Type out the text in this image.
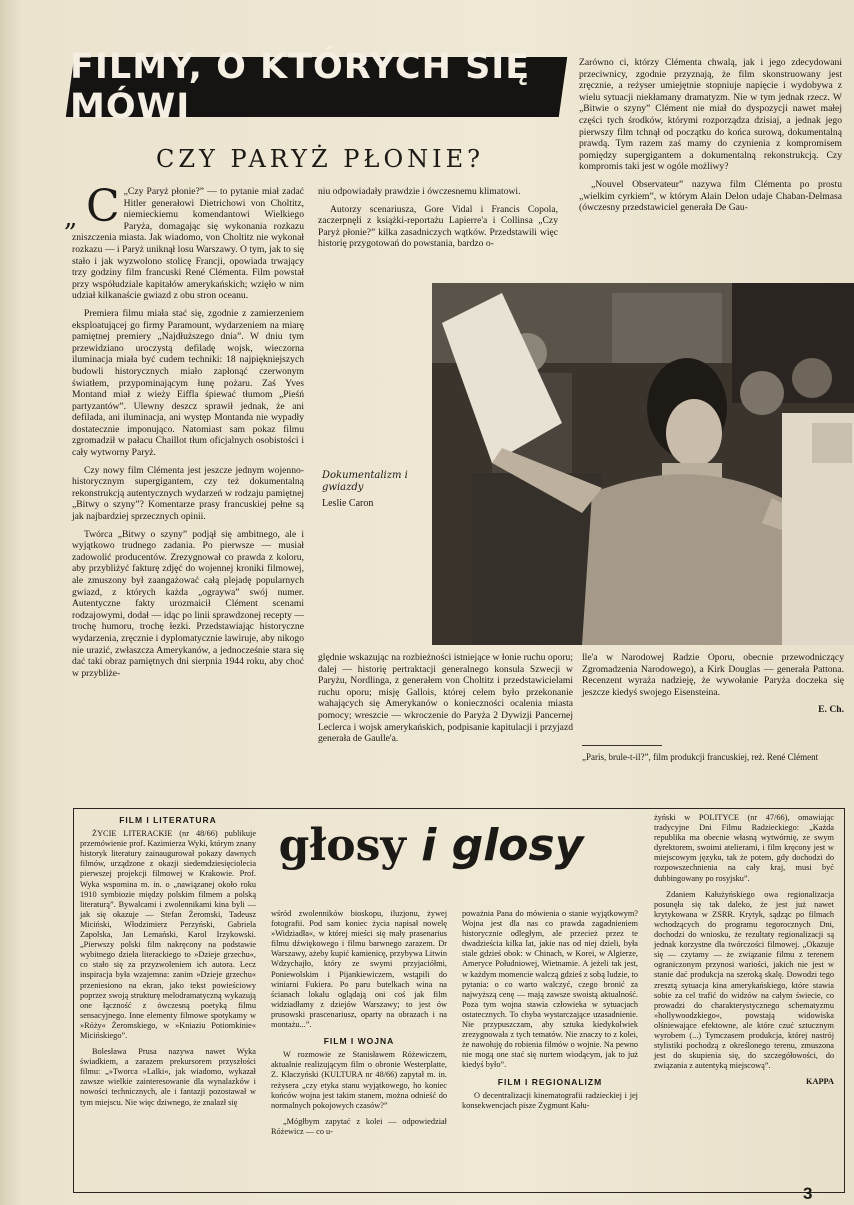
FILMY, O KTÓRYCH SIĘ MÓWI
CZY PARYŻ PŁONIE?
„ C „Czy Paryż płonie?” — to pytanie miał zadać Hitler generałowi Dietrichowi von Choltitz, niemieckiemu komendantowi Wielkiego Paryża, domagając się wykonania rozkazu zniszczenia miasta. Jak wiadomo, von Choltitz nie wykonał rozkazu — i Paryż uniknął losu Warszawy. O tym, jak to się stało i jak wyzwolono stolicę Francji, opowiada trwający trzy godziny film francuski René Clémenta. Film powstał przy współudziale kapitałów amerykańskich; wzięło w nim udział kilkanaście gwiazd z obu stron oceanu.

Premiera filmu miała stać się, zgodnie z zamierzeniem eksploatującej go firmy Paramount, wydarzeniem na miarę pamiętnej premiery „Najdłuższego dnia”. W dniu tym przewidziano uroczystą defiladę wojsk, wieczorna iluminacja miała być cudem techniki: 18 najpiękniejszych budowli historycznych miało zapłonąć czerwonym światłem, przypominającym łunę pożaru. Zaś Yves Montand miał z wieży Eiffla śpiewać tłumom „Pieśń partyzantów”. Ulewny deszcz sprawił jednak, że ani defilada, ani iluminacja, ani występ Montanda nie wypadły dostatecznie imponująco. Natomiast sam pokaz filmu zgromadził w pałacu Chaillot tłum oficjalnych osobistości i cały wytworny Paryż.

Czy nowy film Clémenta jest jeszcze jednym wojenno-historycznym supergigantem, czy też dokumentalną rekonstrukcją autentycznych wydarzeń w rodzaju pamiętnej „Bitwy o szyny”? Komentarze prasy francuskiej pełne są jak najbardziej sprzecznych opinii.

Twórca „Bitwy o szyny” podjął się ambitnego, ale i wyjątkowo trudnego zadania. Po pierwsze — musiał zadowolić producentów. Zrezygnował co prawda z koloru, aby przybliżyć fakturę zdjęć do wojennej kroniki filmowej, ale zmuszony był zaangażować całą plejadę popularnych gwiazd, z których każda „ograywa” swój numer. Autentyczne fakty urozmaicił Clément scenami rodzajowymi, dodał — idąc po linii sprawdzonej recepty — trochę humoru, trochę łezki. Przedstawiając historyczne wydarzenia, zręcznie i dyplomatycznie lawiruje, aby nikogo nie urazić, zwłaszcza Amerykanów, a jednocześnie stara się dać taki obraz pamiętnych dni sierpnia 1944 roku, aby choć w przybliże-

niu odpowiadały prawdzie i ówczesnemu klimatowi.

Autorzy scenariusza, Gore Vidal i Francis Copola, zaczerpnęli z książki-reportażu Lapierre'a i Collinsa „Czy Paryż płonie?” kilka zasadniczych wątków. Przedstawili więc historię przygotowań do powstania, bardzo o-

Zarówno ci, którzy Clémenta chwalą, jak i jego zdecydowani przeciwnicy, zgodnie przyznają, że film skonstruowany jest zręcznie, a reżyser umiejętnie stopniuje napięcie i wydobywa z wielu sytuacji niekłamany dramatyzm. Nie w tym jednak rzecz. W „Bitwie o szyny” Clément nie miał do dyspozycji nawet małej części tych środków, którymi rozporządza dzisiaj, a jednak jego pierwszy film tchnął od początku do końca surową, dokumentalną prawdą. Tym razem zaś mamy do czynienia z kompromisem pomiędzy supergigantem a dokumentalną rekonstrukcją. Czy kompromis taki jest w ogóle możliwy?

„Nouvel Observateur” nazywa film Clémenta po prostu „wielkim cyrkiem”, w którym Alain Delon udaje Chaban-Delmasa (ówczesny przedstawiciel generała De Gau-

Dokumentalizm i gwiazdy
Leslie Caron

ględnie wskazując na rozbieżności istniejące w łonie ruchu oporu; dalej — historię pertraktacji generalnego konsula Szwecji w Paryżu, Nordlinga, z generałem von Choltitz i przedstawicielami ruchu oporu; misję Gallois, której celem było przekonanie wahających się Amerykanów o konieczności ocalenia miasta pomocy; wreszcie — wkroczenie do Paryża 2 Dywizji Pancernej Leclerca i wojsk amerykańskich, podpisanie kapitulacji i przyjazd generała de Gaulle'a.

lle'a w Narodowej Radzie Oporu, obecnie przewodniczący Zgromadzenia Narodowego), a Kirk Douglas — generała Pattona. Recenzent wyraża nadzieję, że wywołanie Paryża doczeka się jeszcze kiedyś swojego Eisensteina.

E. Ch.
„Paris, brule-t-il?”, film produkcji francuskiej, reż. René Clément
FILM I LITERATURA

ŻYCIE LITERACKIE (nr 48/66) publikuje przemówienie prof. Kazimierza Wyki, którym znany historyk literatury zainaugurował pokazy dawnych filmów, urządzone z okazji siedemdziesięciolecia pierwszej projekcji filmowej w Krakowie. Prof. Wyka wspomina m. in. o „nawiązanej około roku 1910 symbiozie między polskim filmem a polską literaturą”. Bywalcami i zwolennikami kina byli — jak się okazuje — Stefan Żeromski, Tadeusz Miciński, Włodzimierz Perzyński, Gabriela Zapolska, Jan Lemański, Karol Irzykowski. „Pierwszy polski film nakręcony na podstawie wybitnego dzieła literackiego to »Dzieje grzechu«, co stało się za przyzwoleniem ich autora. Lecz inspiracja była wzajemna: zanim »Dzieje grzechu« przeniesiono na ekran, jako tekst powieściowy poprzez swoją strukturę melodramatyczną wykazują one łączność z ówczesną poetyką filmu sensacyjnego. Inne elementy filmowe spotykamy w »Róży« Żeromskiego, w »Kniaziu Potiomkinie« Micińskiego”.

Bolesława Prusa nazywa nawet Wyka świadkiem, a zarazem prekursorem przyszłości filmu: „»Tworca »Lalki«, jak wiadomo, wykazał zawsze wielkie zainteresowanie dla wynalazków i nowości technicznych, ale i fantazji pozostawał w tym miejscu. Nie więc dziwnego, że znalazł się

wśród zwolenników bioskopu, iluzjonu, żywej fotografii. Pod sam koniec życia napisał nowelę »Widziadła«, w której mieści się mały prasenarius filmu dźwiękowego i filmu barwnego zarazem. Dr Warszawy, ażeby kupić kamienicę, przybywa Litwin Wdzychajło, który ze swymi przyjaciółmi, Poniewolskim i Pijankiewiczem, wstąpili do winiarni Fukiera. Po paru butelkach wina na ścianach lokalu oglądają oni coś jak film widziadłamy z dziejów Warszawy; to jest ów prusowski prascenariusz, oparty na obrazach i na montażu...”.

FILM I WOJNA

W rozmowie ze Stanisławem Różewiczem, aktualnie realizującym film o obronie Westerplatte, Z. Kłaczyński (KULTURA nr 48/66) zapytał m. in. reżysera „czy etyka stanu wyjątkowego, ho koniec końców wojna jest takim stanem, można odnieść do normalnych pokojowych czasów?”

„Mógłbym zapytać z kolei — odpowiedział Różewicz — co u-

poważnia Pana do mówienia o stanie wyjątkowym? Wojna jest dla nas co prawda zagadnieniem historycznie odległym, ale przecież przez te dwadzieścia kilka lat, jakie nas od niej dzieli, była stale gdzieś obok: w Chinach, w Korei, w Algierze, Ameryce Południowej, Wietnamie. A jeżeli tak jest, w każdym momencie walczą gdzieś z sobą ludzie, to pytania: o co warto walczyć, czego bronić za najwyższą cenę — mają zawsze swoistą aktualność. Poza tym wojna stawia człowieka w sytuacjach ostatecznych. To chyba wystarczające uzasadnienie. Nie przypuszczam, aby sztuka kiedykolwiek zrezygnowała z tych tematów. Nie znaczy to z kolei, że nawołuję do robienia filmów o wojnie. Na pewno nie mogą one stać się nurtem wiodącym, jak to już kiedyś było”.

FILM I REGIONALIZM

O decentralizacji kinematografii radzieckiej i jej konsekwencjach pisze Zygmunt Kału-

żyński w POLITYCE (nr 47/66), omawiając tradycyjne Dni Filmu Radzieckiego: „Każda republika ma obecnie własną wytwórnię, ze swym dyrektorem, swoimi atelierami, i film kręcony jest w miejscowym języku, tak że potem, gdy dochodzi do rozpowszechnienia na cały kraj, musi być dubbingowany po rosyjsku”.

Zdaniem Kałużyńskiego owa regionalizacja posunęła się tak daleko, że jest już nawet krytykowana w ZSRR. Krytyk, sądząc po filmach wchodzących do programu tegorocznych Dni, dochodzi do wniosku, że rezultaty regionalizacji są jednak korzystne dla twórczości filmowej. „Okazuje się — czytamy — że związanie filmu z terenem ograniczonym przynosi wariości, jakich nie jest w stanie dać produkcja na szeroką skalę. Dowodzi tego zresztą sytuacja kina amerykańskiego, które stawia sobie za cel trafić do widzów na całym świecie, co prowadzi do charakterystycznego schematyzmu »hollywoodzkiego«, powstają widowiska olśniewające efektowne, ale które czuć sztucznym wyrobem (...) Tymczasem produkcja, której nastrój stylistiki pochodzą z określonego terenu, zmuszona jest do skupienia się, do szczegółowości, do związania z autentyką miejscową”.

KAPPA
głosy i glosy
3
